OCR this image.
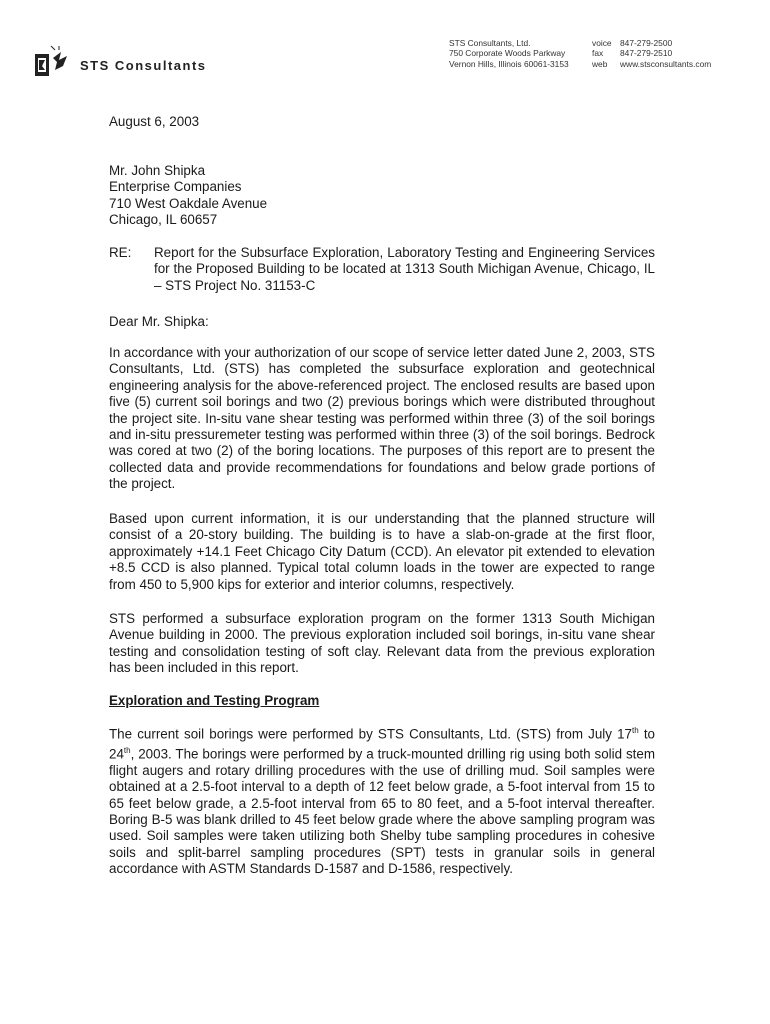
STS Consultants
STS Consultants, Ltd.
750 Corporate Woods Parkway
Vernon Hills, Illinois 60061-3153
voice 847-279-2500
fax 847-279-2510
web www.stsconsultants.com
August 6, 2003
Mr. John Shipka
Enterprise Companies
710 West Oakdale Avenue
Chicago, IL 60657
RE: Report for the Subsurface Exploration, Laboratory Testing and Engineering Services for the Proposed Building to be located at 1313 South Michigan Avenue, Chicago, IL – STS Project No. 31153-C
Dear Mr. Shipka:
In accordance with your authorization of our scope of service letter dated June 2, 2003, STS Consultants, Ltd. (STS) has completed the subsurface exploration and geotechnical engineering analysis for the above-referenced project. The enclosed results are based upon five (5) current soil borings and two (2) previous borings which were distributed throughout the project site. In-situ vane shear testing was performed within three (3) of the soil borings and in-situ pressuremeter testing was performed within three (3) of the soil borings. Bedrock was cored at two (2) of the boring locations. The purposes of this report are to present the collected data and provide recommendations for foundations and below grade portions of the project.
Based upon current information, it is our understanding that the planned structure will consist of a 20-story building. The building is to have a slab-on-grade at the first floor, approximately +14.1 Feet Chicago City Datum (CCD). An elevator pit extended to elevation +8.5 CCD is also planned. Typical total column loads in the tower are expected to range from 450 to 5,900 kips for exterior and interior columns, respectively.
STS performed a subsurface exploration program on the former 1313 South Michigan Avenue building in 2000. The previous exploration included soil borings, in-situ vane shear testing and consolidation testing of soft clay. Relevant data from the previous exploration has been included in this report.
Exploration and Testing Program
The current soil borings were performed by STS Consultants, Ltd. (STS) from July 17th to 24th, 2003. The borings were performed by a truck-mounted drilling rig using both solid stem flight augers and rotary drilling procedures with the use of drilling mud. Soil samples were obtained at a 2.5-foot interval to a depth of 12 feet below grade, a 5-foot interval from 15 to 65 feet below grade, a 2.5-foot interval from 65 to 80 feet, and a 5-foot interval thereafter. Boring B-5 was blank drilled to 45 feet below grade where the above sampling program was used. Soil samples were taken utilizing both Shelby tube sampling procedures in cohesive soils and split-barrel sampling procedures (SPT) tests in granular soils in general accordance with ASTM Standards D-1587 and D-1586, respectively.
